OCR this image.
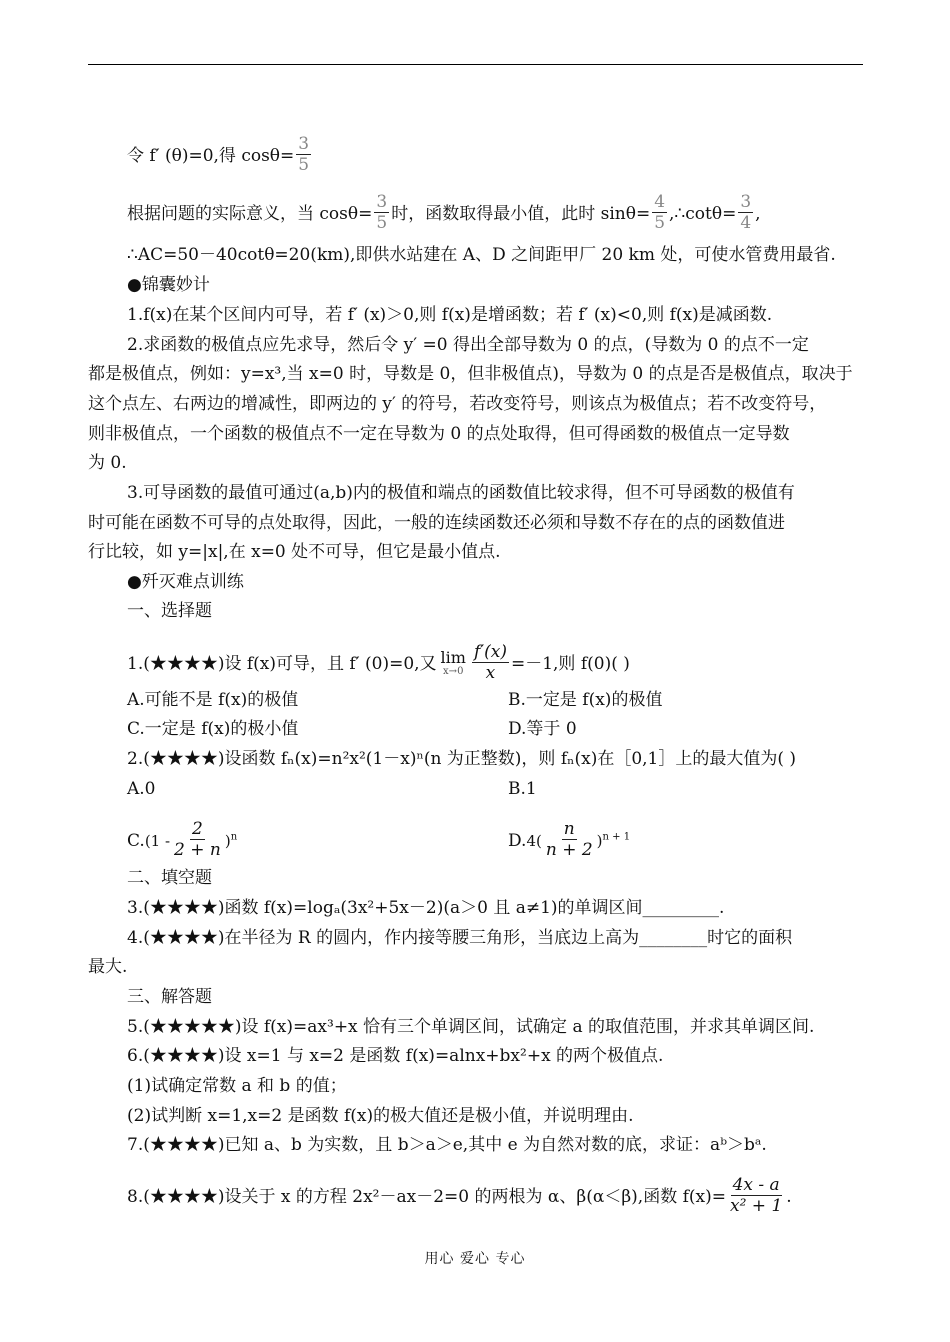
令 f′ (θ)=0,得 $\cos\theta= \frac{3}{5}$
根据问题的实际意义，当 $\cos\theta= \frac{3}{5}$ 时，函数取得最小值，此时 $\sin\theta= \frac{4}{5}$ ,∴cotθ= $\frac{3}{4}$ ,
∴AC=50－40cotθ=20(km),即供水站建在 A、D 之间距甲厂 20 km 处，可使水管费用最省.
●锦囊妙计
1.f(x)在某个区间内可导，若 f′ (x)＞0,则 f(x)是增函数；若 f′ (x)<0,则 f(x)是减函数.
2.求函数的极值点应先求导，然后令 y′ =0 得出全部导数为 0 的点，(导数为 0 的点不一定
都是极值点，例如：y=x³,当 x=0 时，导数是 0，但非极值点)，导数为 0 的点是否是极值点，取决于
这个点左、右两边的增减性，即两边的 y′ 的符号，若改变符号，则该点为极值点；若不改变符号，
则非极值点，一个函数的极值点不一定在导数为 0 的点处取得，但可得函数的极值点一定导数
为 0.
3.可导函数的最值可通过(a,b)内的极值和端点的函数值比较求得，但不可导函数的极值有
时可能在函数不可导的点处取得，因此，一般的连续函数还必须和导数不存在的点的函数值进
行比较，如 y=|x|,在 x=0 处不可导，但它是最小值点.
●歼灭难点训练
一、选择题
1.(★★★★)设 f(x)可导，且 f′ (0)=0,又 lim
$x\to 0 \frac{f'(x)}{x} =-1$,则 f(0)( )
A.可能不是 f(x)的极值	B.一定是 f(x)的极值
C.一定是 f(x)的极小值	D.等于 0
2.(★★★★)设函数 fₙ(x)=n²x²(1－x)ⁿ(n 为正整数)，则 fₙ(x)在［0,1］上的最大值为( )
A.0	B.1
$C.(1 - \frac{2}{2 + n} )^n$	$D.4( \frac{n}{n + 2} )^{n + 1}$
二、填空题
3.(★★★★)函数 f(x)=logₐ(3x²+5x－2)(a＞0 且 a≠1)的单调区间_________.
4.(★★★★)在半径为 R 的圆内，作内接等腰三角形，当底边上高为________时它的面积
最大.
三、解答题
5.(★★★★★)设 f(x)=ax³+x 恰有三个单调区间，试确定 a 的取值范围，并求其单调区间.
6.(★★★★)设 x=1 与 x=2 是函数 f(x)=alnx+bx²+x 的两个极值点.
(1)试确定常数 a 和 b 的值；
(2)试判断 x=1,x=2 是函数 f(x)的极大值还是极小值，并说明理由.
7.(★★★★)已知 a、b 为实数，且 b＞a＞e,其中 e 为自然对数的底，求证：aᵇ＞bᵃ.
8.(★★★★)设关于 x 的方程 2x²－ax－2=0 的两根为 α、β(α＜β),函数 $f(x)= \frac{4x - a}{\text{x² + 1}}$ .
用心 爱心 专心
